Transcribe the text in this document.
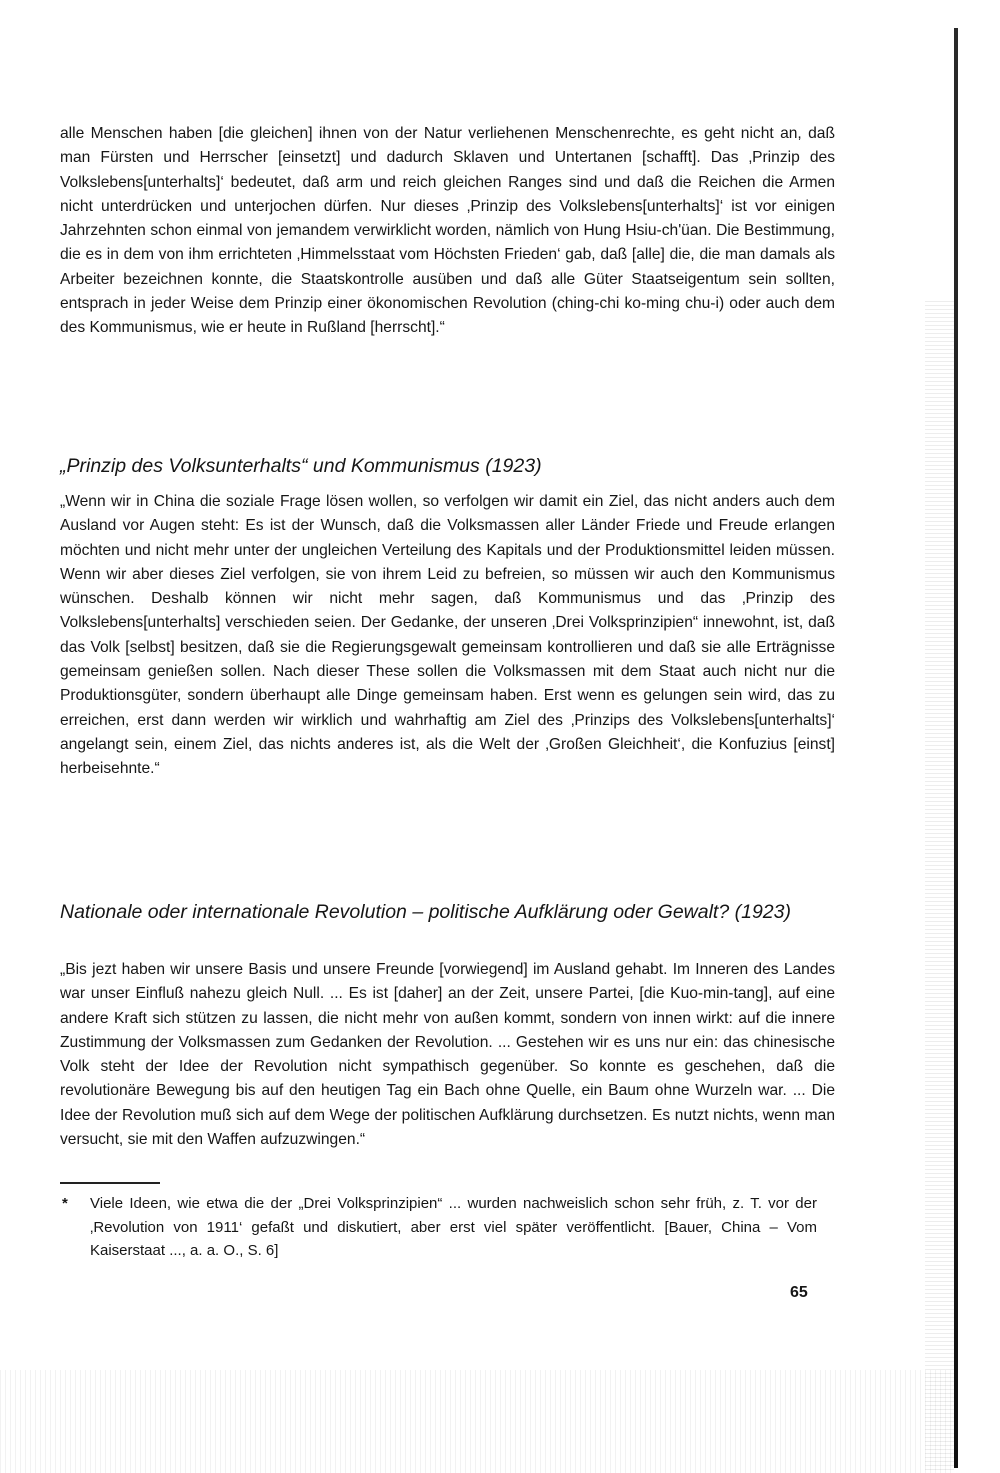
alle Menschen haben [die gleichen] ihnen von der Natur verliehenen Menschenrechte, es geht nicht an, daß man Fürsten und Herrscher [einsetzt] und dadurch Sklaven und Untertanen [schafft]. Das ‚Prinzip des Volkslebens[unterhalts]‘ bedeutet, daß arm und reich gleichen Ranges sind und daß die Reichen die Armen nicht unterdrücken und unterjochen dürfen. Nur dieses ‚Prinzip des Volkslebens[unterhalts]‘ ist vor einigen Jahrzehnten schon einmal von jemandem verwirklicht worden, nämlich von Hung Hsiu-ch'üan. Die Bestimmung, die es in dem von ihm errichteten ‚Himmelsstaat vom Höchsten Frieden‘ gab, daß [alle] die, die man damals als Arbeiter bezeichnen konnte, die Staatskontrolle ausüben und daß alle Güter Staatseigentum sein sollten, entsprach in jeder Weise dem Prinzip einer ökonomischen Revolution (ching-chi ko-ming chu-i) oder auch dem des Kommunismus, wie er heute in Rußland [herrscht].“

„Prinzip des Volksunterhalts“ und Kommunismus (1923)

„Wenn wir in China die soziale Frage lösen wollen, so verfolgen wir damit ein Ziel, das nicht anders auch dem Ausland vor Augen steht: Es ist der Wunsch, daß die Volksmassen aller Länder Friede und Freude erlangen möchten und nicht mehr unter der ungleichen Verteilung des Kapitals und der Produktionsmittel leiden müssen. Wenn wir aber dieses Ziel verfolgen, sie von ihrem Leid zu befreien, so müssen wir auch den Kommunismus wünschen. Deshalb können wir nicht mehr sagen, daß Kommunismus und das ‚Prinzip des Volkslebens[unterhalts] verschieden seien. Der Gedanke, der unseren ‚Drei Volksprinzipien“ innewohnt, ist, daß das Volk [selbst] besitzen, daß sie die Regierungsgewalt gemeinsam kontrollieren und daß sie alle Erträgnisse gemeinsam genießen sollen. Nach dieser These sollen die Volksmassen mit dem Staat auch nicht nur die Produktionsgüter, sondern überhaupt alle Dinge gemeinsam haben. Erst wenn es gelungen sein wird, das zu erreichen, erst dann werden wir wirklich und wahrhaftig am Ziel des ‚Prinzips des Volkslebens[unterhalts]‘ angelangt sein, einem Ziel, das nichts anderes ist, als die Welt der ‚Großen Gleichheit‘, die Konfuzius [einst] herbeisehnte.“

Nationale oder internationale Revolution – politische Aufklärung oder Gewalt? (1923)

„Bis jezt haben wir unsere Basis und unsere Freunde [vorwiegend] im Ausland gehabt. Im Inneren des Landes war unser Einfluß nahezu gleich Null. ... Es ist [daher] an der Zeit, unsere Partei, [die Kuo-min-tang], auf eine andere Kraft sich stützen zu lassen, die nicht mehr von außen kommt, sondern von innen wirkt: auf die innere Zustimmung der Volksmassen zum Gedanken der Revolution. ... Gestehen wir es uns nur ein: das chinesische Volk steht der Idee der Revolution nicht sympathisch gegenüber. So konnte es geschehen, daß die revolutionäre Bewegung bis auf den heutigen Tag ein Bach ohne Quelle, ein Baum ohne Wurzeln war. ... Die Idee der Revolution muß sich auf dem Wege der politischen Aufklärung durchsetzen. Es nutzt nichts, wenn man versucht, sie mit den Waffen aufzuzwingen.“

* Viele Ideen, wie etwa die der „Drei Volksprinzipien“ ... wurden nachweislich schon sehr früh, z. T. vor der ‚Revolution von 1911‘ gefaßt und diskutiert, aber erst viel später veröffentlicht. [Bauer, China – Vom Kaiserstaat ..., a. a. O., S. 6]
65
